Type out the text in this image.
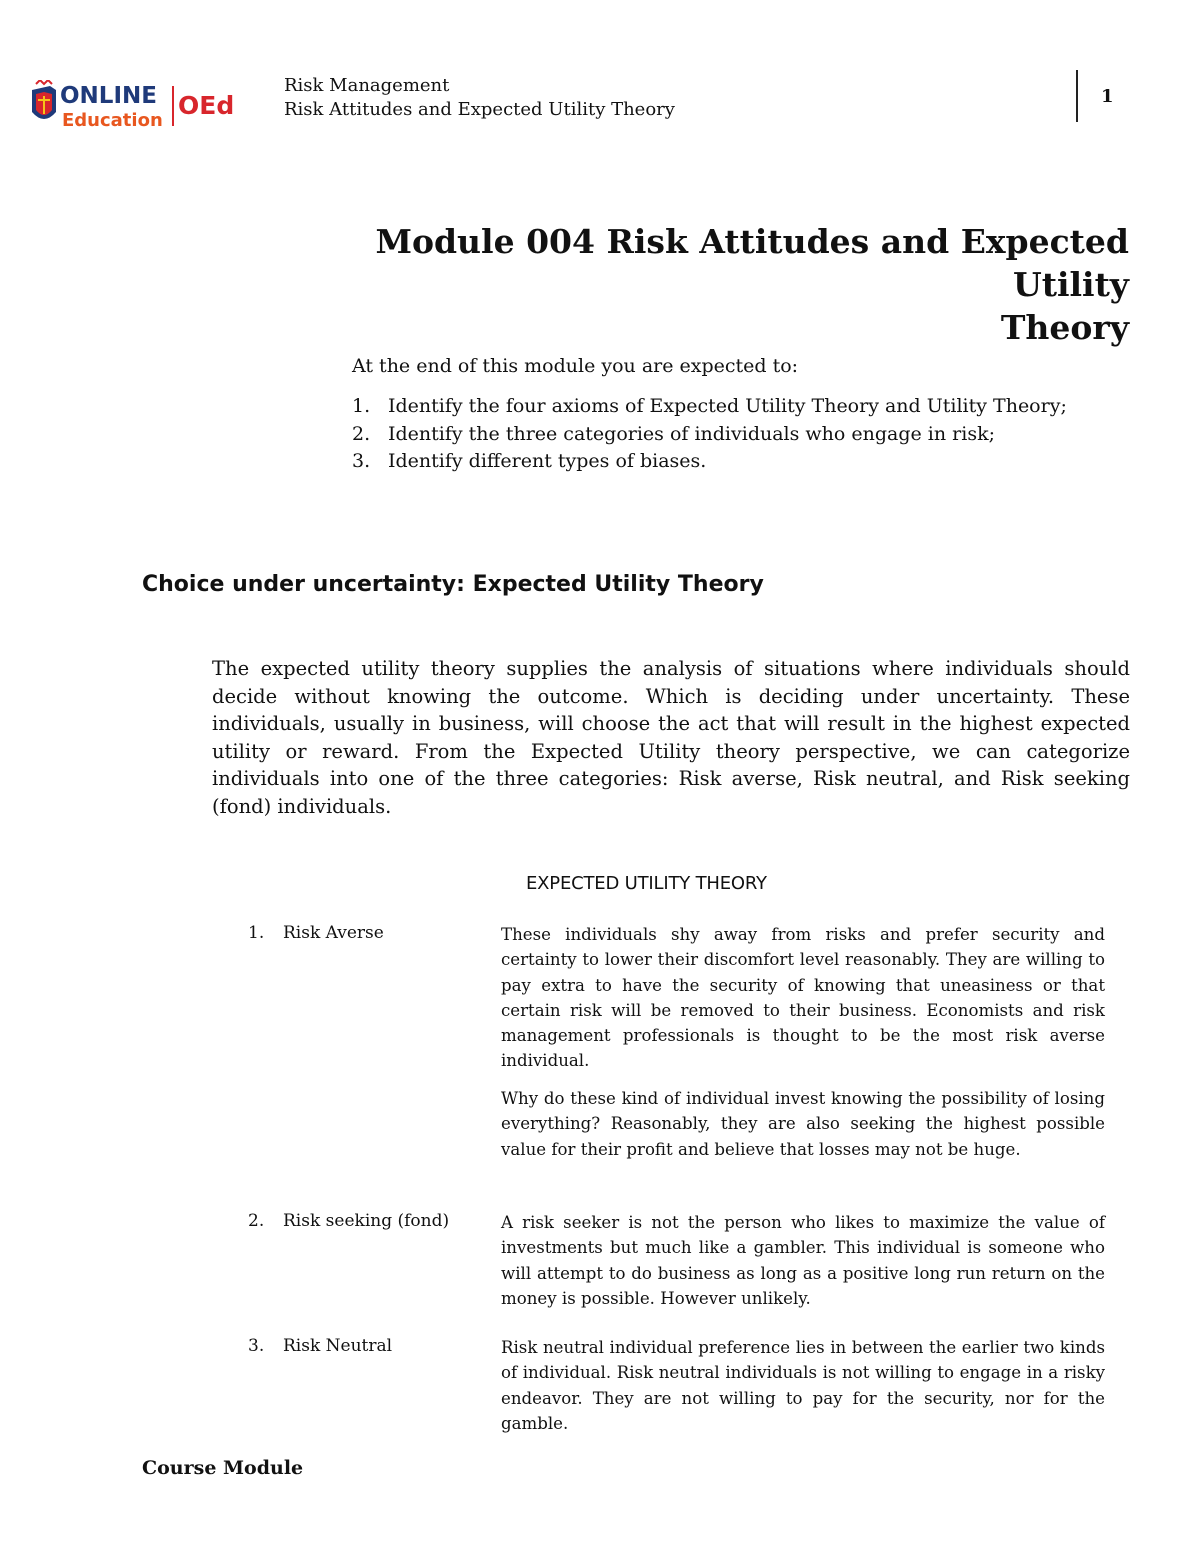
ONLINE
Education
OEd
Risk Management
Risk Attitudes and Expected Utility Theory
1
Module 004 Risk Attitudes and Expected Utility
Theory
At the end of this module you are expected to:
1. Identify the four axioms of Expected Utility Theory and Utility Theory;
2. Identify the three categories of individuals who engage in risk;
3. Identify different types of biases.
Choice under uncertainty: Expected Utility Theory

The expected utility theory supplies the analysis of situations where individuals should decide without knowing the outcome. Which is deciding under uncertainty. These individuals, usually in business, will choose the act that will result in the highest expected utility or reward. From the Expected Utility theory perspective, we can categorize individuals into one of the three categories: Risk averse, Risk neutral, and Risk seeking (fond) individuals.

EXPECTED UTILITY THEORY
1. Risk Averse	These individuals shy away from risks and prefer security and certainty to lower their discomfort level reasonably. They are willing to pay extra to have the security of knowing that uneasiness or that certain risk will be removed to their business. Economists and risk management professionals is thought to be the most risk averse individual.

Why do these kind of individual invest knowing the possibility of losing everything? Reasonably, they are also seeking the highest possible value for their profit and believe that losses may not be huge.

2. Risk seeking (fond)	A risk seeker is not the person who likes to maximize the value of investments but much like a gambler. This individual is someone who will attempt to do business as long as a positive long run return on the money is possible. However unlikely.

3. Risk Neutral	Risk neutral individual preference lies in between the earlier two kinds of individual. Risk neutral individuals is not willing to engage in a risky endeavor. They are not willing to pay for the security, nor for the gamble.

Course Module
